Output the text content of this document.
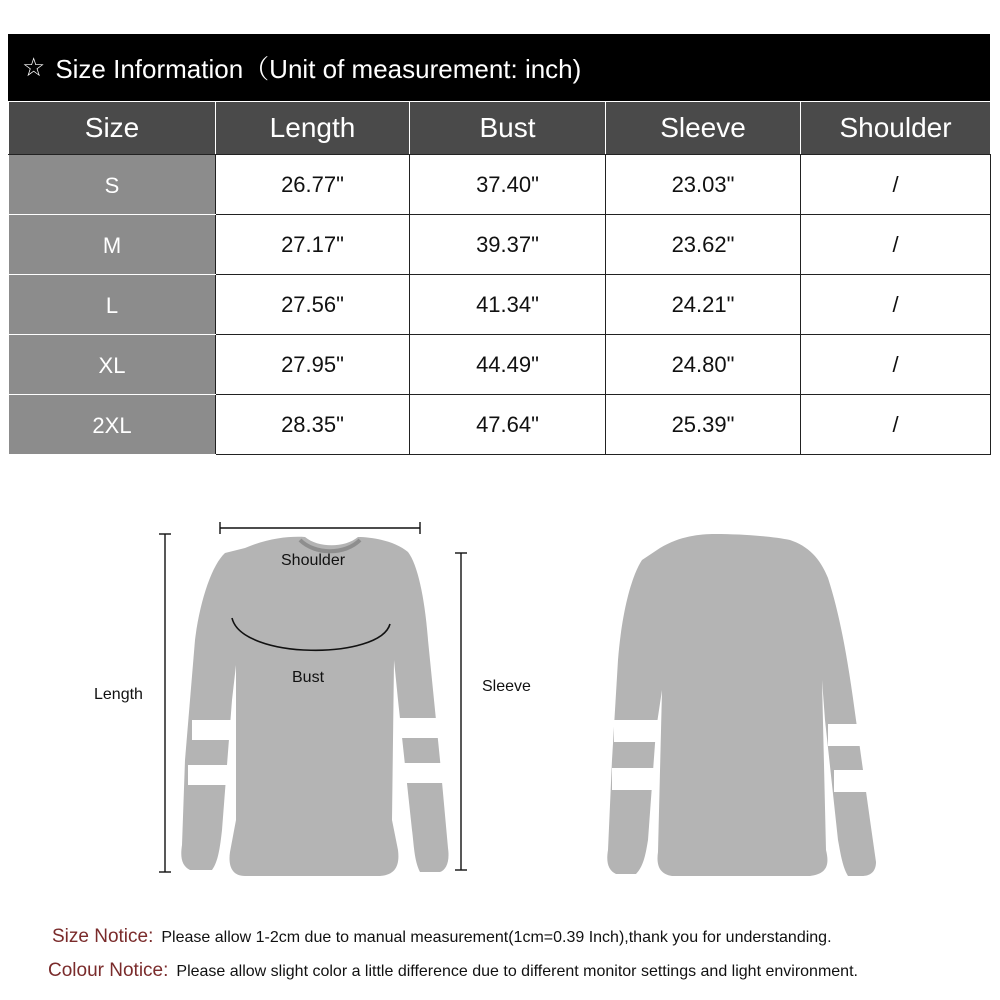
☆ Size Information（Unit of measurement: inch)
Size	Length	Bust	Sleeve	Shoulder
S	26.77"	37.40"	23.03"	/
M	27.17"	39.37"	23.62"	/
L	27.56"	41.34"	24.21"	/
XL	27.95"	44.49"	24.80"	/
2XL	28.35"	47.64"	25.39"	/
Length
Shoulder
Bust
Sleeve
Size Notice: Please allow 1-2cm due to manual measurement(1cm=0.39 Inch),thank you for understanding.
Colour Notice: Please allow slight color a little difference due to different monitor settings and light environment.
